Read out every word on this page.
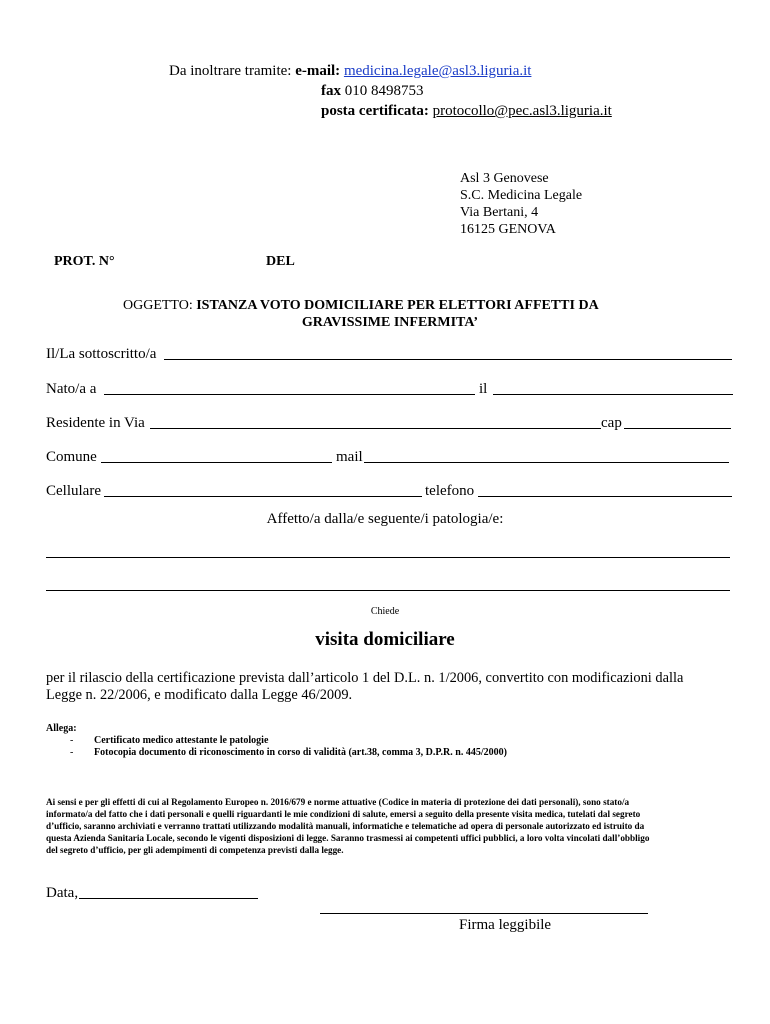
Da inoltrare tramite: e-mail: medicina.legale@asl3.liguria.it
fax 010 8498753
posta certificata: protocollo@pec.asl3.liguria.it
Asl 3 Genovese
S.C. Medicina Legale
Via Bertani, 4
16125 GENOVA
PROT. N°	DEL
OGGETTO: ISTANZA VOTO DOMICILIARE PER ELETTORI AFFETTI DA
GRAVISSIME INFERMITA’
Il/La sottoscritto/a
Nato/a a	il
Residente in Via	cap
Comune	mail
Cellulare	telefono
Affetto/a dalla/e seguente/i patologia/e:
Chiede
visita domiciliare
per il rilascio della certificazione prevista dall’articolo 1 del D.L. n. 1/2006, convertito con modificazioni dalla
Legge n. 22/2006, e modificato dalla Legge 46/2009.
Allega:
- Certificato medico attestante le patologie
- Fotocopia documento di riconoscimento in corso di validità (art.38, comma 3, D.P.R. n. 445/2000)
Ai sensi e per gli effetti di cui al Regolamento Europeo n. 2016/679 e norme attuative (Codice in materia di protezione dei dati personali), sono stato/a
informato/a del fatto che i dati personali e quelli riguardanti le mie condizioni di salute, emersi a seguito della presente visita medica, tutelati dal segreto
d’ufficio, saranno archiviati e verranno trattati utilizzando modalità manuali, informatiche e telematiche ad opera di personale autorizzato ed istruito da
questa Azienda Sanitaria Locale, secondo le vigenti disposizioni di legge. Saranno trasmessi ai competenti uffici pubblici, a loro volta vincolati dall’obbligo
del segreto d’ufficio, per gli adempimenti di competenza previsti dalla legge.
Data,
Firma leggibile
